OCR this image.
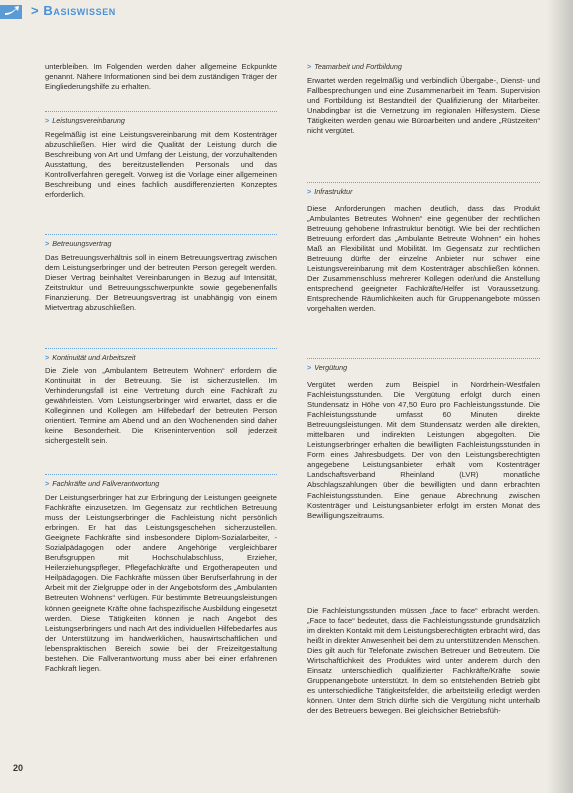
> Basiswissen
unterbleiben. Im Folgenden werden daher allgemeine Eckpunkte genannt. Nähere Informationen sind bei dem zuständigen Träger der Eingliederungshilfe zu erhalten.
> Leistungsvereinbarung
Regelmäßig ist eine Leistungsvereinbarung mit dem Kostenträger abzuschließen. Hier wird die Qualität der Leistung durch die Beschreibung von Art und Umfang der Leistung, der vorzuhaltenden Ausstattung, des bereitzustellenden Personals und das Kontrollverfahren geregelt. Vorweg ist die Vorlage einer allgemeinen Beschreibung und eines fachlich ausdifferenzierten Konzeptes erforderlich.
> Betreuungsvertrag
Das Betreuungsverhältnis soll in einem Betreuungsvertrag zwischen dem Leistungserbringer und der betreuten Person geregelt werden. Dieser Vertrag beinhaltet Vereinbarungen in Bezug auf Intensität, Zeitstruktur und Betreuungsschwerpunkte sowie gegebenenfalls Finanzierung. Der Betreuungsvertrag ist unabhängig von einem Mietvertrag abzuschließen.
> Kontinuität und Arbeitszeit
Die Ziele von „Ambulantem Betreutem Wohnen“ erfordern die Kontinuität in der Betreuung. Sie ist sicherzustellen. Im Verhinderungsfall ist eine Vertretung durch eine Fachkraft zu gewährleisten. Vom Leistungserbringer wird erwartet, dass er die Kolleginnen und Kollegen am Hilfebedarf der betreuten Person orientiert. Termine am Abend und an den Wochenenden sind daher keine Besonderheit. Die Krisenintervention soll jederzeit sichergestellt sein.
> Fachkräfte und Fallverantwortung
Der Leistungserbringer hat zur Erbringung der Leistungen geeignete Fachkräfte einzusetzen. Im Gegensatz zur rechtlichen Betreuung muss der Leistungserbringer die Fachleistung nicht persönlich erbringen. Er hat das Leistungsgeschehen sicherzustellen. Geeignete Fachkräfte sind insbesondere Diplom-Sozialarbeiter, -Sozialpädagogen oder andere Angehörige vergleichbarer Berufsgruppen mit Hochschulabschluss, Erzieher, Heilerziehungspfleger, Pflegefachkräfte und Ergotherapeuten und Heilpädagogen. Die Fachkräfte müssen über Berufserfahrung in der Arbeit mit der Zielgruppe oder in der Angebotsform des „Ambulanten Betreuten Wohnens“ verfügen. Für bestimmte Betreuungsleistungen können geeignete Kräfte ohne fachspezifische Ausbildung eingesetzt werden. Diese Tätigkeiten können je nach Angebot des Leistungserbringers und nach Art des individuellen Hilfebedarfes aus der Unterstützung im handwerklichen, hauswirtschaftlichen und lebenspraktischen Bereich sowie bei der Freizeitgestaltung bestehen. Die Fallverantwortung muss aber bei einer erfahrenen Fachkraft liegen.
> Teamarbeit und Fortbildung
Erwartet werden regelmäßig und verbindlich Übergabe-, Dienst- und Fallbesprechungen und eine Zusammenarbeit im Team. Supervision und Fortbildung ist Bestandteil der Qualifizierung der Mitarbeiter. Unabdingbar ist die Vernetzung im regionalen Hilfesystem. Diese Tätigkeiten werden genau wie Büroarbeiten und andere „Rüstzeiten“ nicht vergütet.
> Infrastruktur
Diese Anforderungen machen deutlich, dass das Produkt „Ambulantes Betreutes Wohnen“ eine gegenüber der rechtlichen Betreuung gehobene Infrastruktur benötigt. Wie bei der rechtlichen Betreuung erfordert das „Ambulante Betreute Wohnen“ ein hohes Maß an Flexibilität und Mobilität. Im Gegensatz zur rechtlichen Betreuung dürfte der einzelne Anbieter nur schwer eine Leistungsvereinbarung mit dem Kostenträger abschließen können. Der Zusammenschluss mehrerer Kollegen oder/und die Anstellung entsprechend geeigneter Fachkräfte/Helfer ist Voraussetzung. Entsprechende Räumlichkeiten auch für Gruppenangebote müssen vorgehalten werden.
> Vergütung
Vergütet werden zum Beispiel in Nordrhein-Westfalen Fachleistungsstunden. Die Vergütung erfolgt durch einen Stundensatz in Höhe von 47,50 Euro pro Fachleistungsstunde. Die Fachleistungsstunde umfasst 60 Minuten direkte Betreuungsleistungen. Mit dem Stundensatz werden alle direkten, mittelbaren und indirekten Leistungen abgegolten. Die Leistungserbringer erhalten die bewilligten Fachleistungsstunden in Form eines Jahresbudgets. Der von den Leistungsberechtigten angegebene Leistungsanbieter erhält vom Kostenträger Landschaftsverband Rheinland (LVR) monatliche Abschlagszahlungen über die bewilligten und dann erbrachten Fachleistungsstunden. Eine genaue Abrechnung zwischen Kostenträger und Leistungsanbieter erfolgt im ersten Monat des Bewilligungszeitraums.
Die Fachleistungsstunden müssen „face to face“ erbracht werden. „Face to face“ bedeutet, dass die Fachleistungsstunde grundsätzlich im direkten Kontakt mit dem Leistungsberechtigten erbracht wird, das heißt in direkter Anwesenheit bei dem zu unterstützenden Menschen. Dies gilt auch für Telefonate zwischen Betreuer und Betreutem. Die Wirtschaftlichkeit des Produktes wird unter anderem durch den Einsatz unterschiedlich qualifizierter Fachkräfte/Kräfte sowie Gruppenangebote unterstützt. In dem so entstehenden Betrieb gibt es unterschiedliche Tätigkeitsfelder, die arbeitsteilig erledigt werden können. Unter dem Strich dürfte sich die Vergütung nicht unterhalb der des Betreuers bewegen. Bei gleichsicher Betriebsfüh-
20
